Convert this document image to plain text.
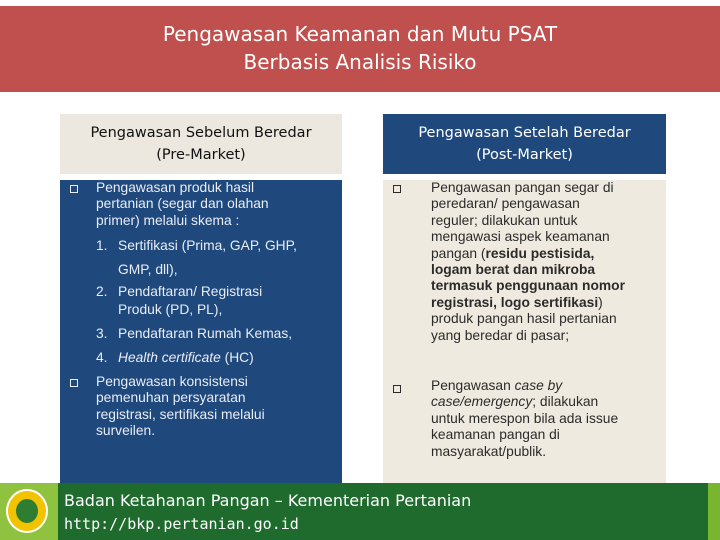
Pengawasan Keamanan dan Mutu PSAT
Berbasis Analisis Risiko
Pengawasan Sebelum Beredar
(Pre-Market)
Pengawasan Setelah Beredar
(Post-Market)
Pengawasan produk hasil
pertanian (segar dan olahan
primer) melalui skema :
1. Sertifikasi (Prima, GAP, GHP,
GMP, dll),
2. Pendaftaran/ Registrasi
Produk (PD, PL),
3. Pendaftaran Rumah Kemas,
4. Health certificate (HC)
Pengawasan konsistensi
pemenuhan persyaratan
registrasi, sertifikasi melalui
surveilen.
Pengawasan pangan segar di
peredaran/ pengawasan
reguler; dilakukan untuk
mengawasi aspek keamanan
pangan (residu pestisida,
logam berat dan mikroba
termasuk penggunaan nomor
registrasi, logo sertifikasi)
produk pangan hasil pertanian
yang beredar di pasar;
Pengawasan case by
case/emergency; dilakukan
untuk merespon bila ada issue
keamanan pangan di
masyarakat/publik.
Badan Ketahanan Pangan – Kementerian Pertanian
http://bkp.pertanian.go.id
